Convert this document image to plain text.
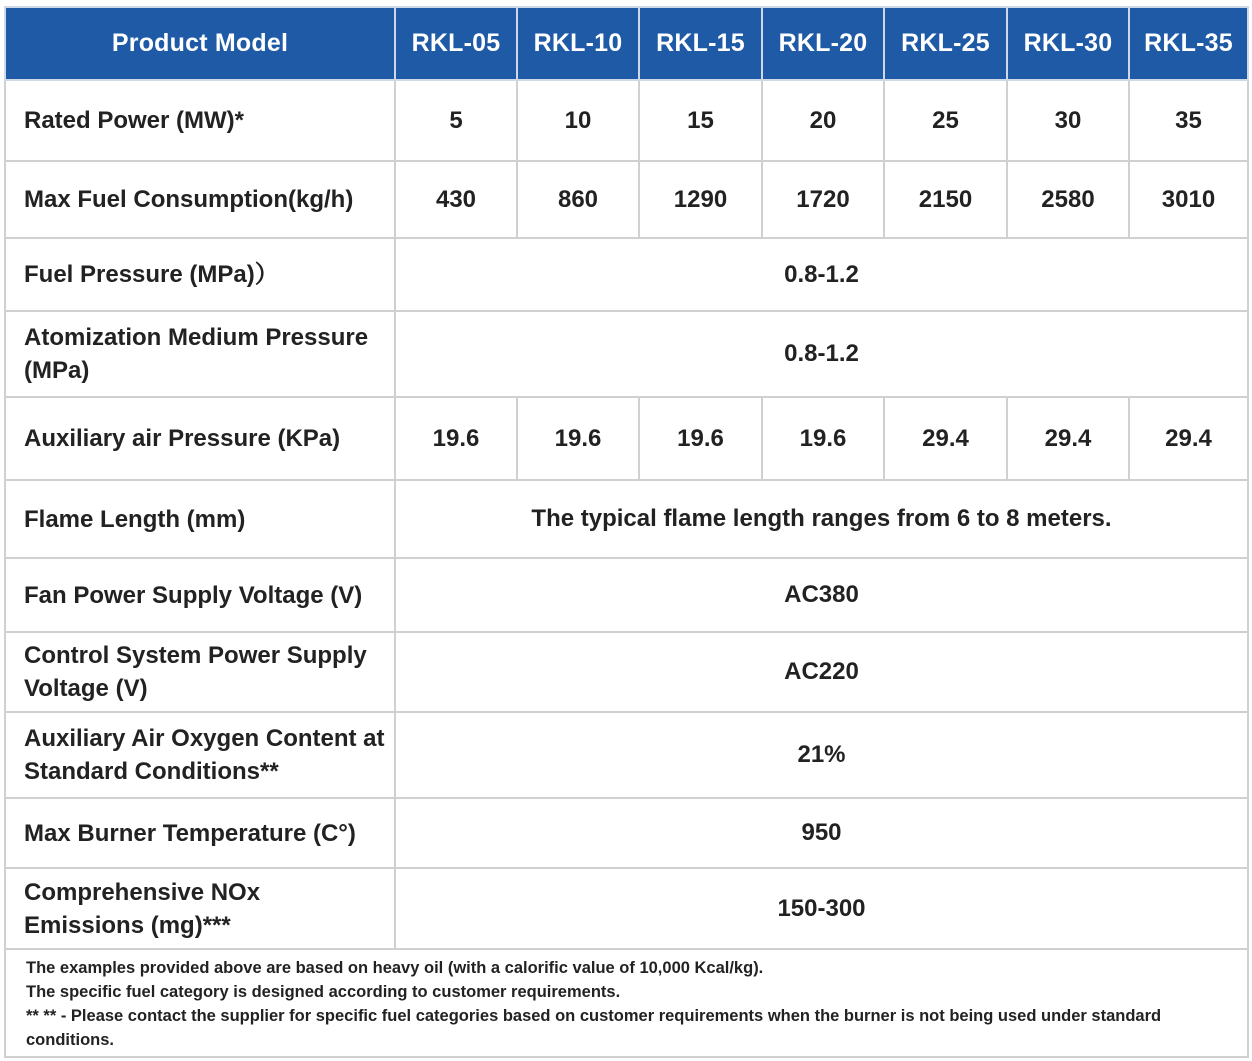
Product Model	RKL-05	RKL-10	RKL-15	RKL-20	RKL-25	RKL-30	RKL-35
Rated Power (MW)*	5	10	15	20	25	30	35
Max Fuel Consumption(kg/h)	430	860	1290	1720	2150	2580	3010
Fuel Pressure (MPa)）	0.8-1.2						
Atomization Medium Pressure (MPa)	0.8-1.2						
Auxiliary air Pressure (KPa)	19.6	19.6	19.6	19.6	29.4	29.4	29.4
Flame Length (mm)	The typical flame length ranges from 6 to 8 meters.						
Fan Power Supply Voltage (V)	AC380						
Control System Power Supply Voltage (V)	AC220						
Auxiliary Air Oxygen Content at Standard Conditions**	21%						
Max Burner Temperature (C°)	950						
Comprehensive NOx Emissions (mg)***	150-300						

The examples provided above are based on heavy oil (with a calorific value of 10,000 Kcal/kg).
The specific fuel category is designed according to customer requirements.
** ** - Please contact the supplier for specific fuel categories based on customer requirements when the burner is not being used under standard conditions.							
